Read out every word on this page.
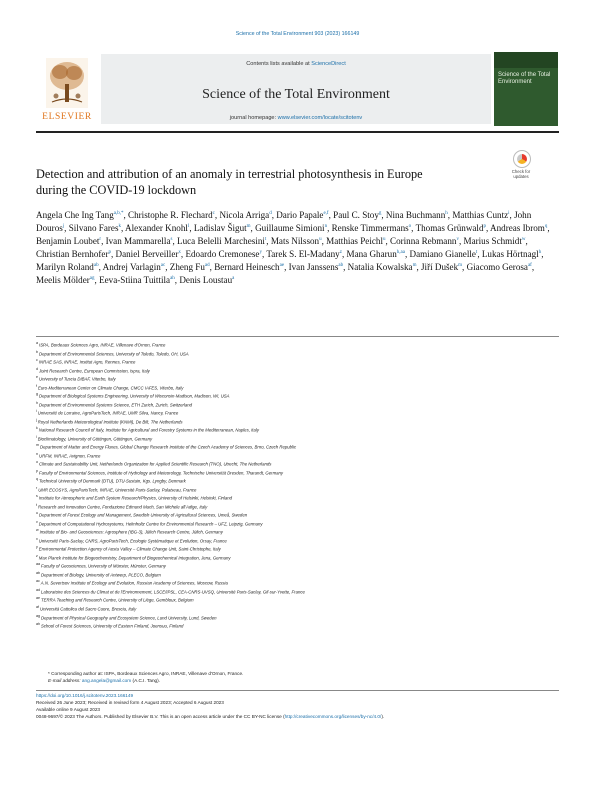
Science of the Total Environment 903 (2023) 166149
ELSEVIER
Contents lists available at ScienceDirect
Science of the Total Environment
journal homepage: www.elsevier.com/locate/scitotenv
Science of the Total Environment
Detection and attribution of an anomaly in terrestrial photosynthesis in Europe during the COVID-19 lockdown
Check for updates
Angela Che Ing Tang$^{a,b,*}$, Christophe R. Flechard$^c$, Nicola Arriga$^d$, Dario Papale$^{e,f}$, Paul C. Stoy$^g$, Nina Buchmann$^h$, Matthias Cuntz$^i$, John Douros$^j$, Silvano Fares$^k$, Alexander Knohl$^l$, Ladislav Šigut$^m$, Guillaume Simioni$^n$, Renske Timmermans$^o$, Thomas Grünwald$^p$, Andreas Ibrom$^q$, Benjamin Loubet$^r$, Ivan Mammarella$^s$, Luca Belelli Marchesini$^t$, Mats Nilsson$^u$, Matthias Peichl$^u$, Corinna Rebmann$^v$, Marius Schmidt$^w$, Christian Bernhofer$^p$, Daniel Berveiller$^x$, Edoardo Cremonese$^y$, Tarek S. El-Madany$^z$, Mana Gharun$^{h,aa}$, Damiano Gianelle$^t$, Lukas Hörtnagl$^h$, Marilyn Roland$^{ab}$, Andrej Varlagin$^{ac}$, Zheng $Fu^{ad}$, Bernard Heinesch$^{ae}$, Ivan Janssens$^{ab}$, Natalia Kowalska$^m$, Jiří Dušek$^m$, Giacomo Gerosa$^{af}$, Meelis Mölder$^{ag}$, Eeva-Stiina Tuittila$^{ah}$, Denis Loustau$^a$
$^a$ ISPA, Bordeaux Sciences Agro, INRAE, Villenave d'Ornon, France
$^b$ Department of Environmental Sciences, University of Toledo, Toledo, OH, USA
$^c$ INRAE SAS, INRAE, Institut Agro, Rennes, France
$^d$ Joint Research Centre, European Commission, Ispra, Italy
$^e$ University of Tuscia DIBAF, Viterbo, Italy
$^f$ Euro-Mediterranean Center on Climate Change, CMCC IAFES, Viterbo, Italy
$^g$ Department of Biological Systems Engineering, University of Wisconsin-Madison, Madison, WI, USA
$^h$ Department of Environmental Systems Science, ETH Zurich, Zurich, Switzerland
$^i$ Université de Lorraine, AgroParisTech, INRAE, UMR Silva, Nancy, France
$^j$ Royal Netherlands Meteorological Institute (KNMI), De Bilt, The Netherlands
$^k$ National Research Council of Italy, Institute for Agricultural and Forestry Systems in the Mediterranean, Naples, Italy
$^l$ Bioclimatology, University of Göttingen, Göttingen, Germany
$^m$ Department of Matter and Energy Fluxes, Global Change Research Institute of the Czech Academy of Sciences, Brno, Czech Republic
$^n$ URFM, INRAE, Avignon, France
$^o$ Climate and Sustainability Unit, Netherlands Organization for Applied Scientific Research (TNO), Utrecht, The Netherlands
$^p$ Faculty of Environmental Sciences, Institute of Hydrology and Meteorology, Technische Universität Dresden, Tharandt, Germany
$^q$ Technical University of Denmark (DTU), DTU-Sustain, Kgs. Lyngby, Denmark
$^r$ UMR ECOSYS, AgroParisTech, INRAE, Université Paris-Saclay, Palaiseau, France
$^s$ Institute for Atmospheric and Earth System Research/Physics, University of Helsinki, Helsinki, Finland
$^t$ Research and Innovation Centre, Fondazione Edmund Mach, San Michele all'Adige, Italy
$^u$ Department of Forest Ecology and Management, Swedish University of Agricultural Sciences, Umeå, Sweden
$^v$ Department of Computational Hydrosystems, Helmholtz Centre for Environmental Research – UFZ, Leipzig, Germany
$^w$ Institute of Bio- and Geosciences: Agrosphere (IBG-3), Jülich Research Centre, Jülich, Germany
$^x$ Université Paris-Saclay, CNRS, AgroParisTech, Ecologie Systématique et Evolution, Orsay, France
$^y$ Environmental Protection Agency of Aosta Valley – Climate Change Unit, Saint-Christophe, Italy
$^z$ Max Planck Institute for Biogeochemistry, Department of Biogeochemical Integration, Jena, Germany
$^{aa}$ Faculty of Geosciences, University of Münster, Münster, Germany
$^{ab}$ Department of Biology, University of Antwerp, PLECO, Belgium
$^{ac}$ A.N. Severtsov Institute of Ecology and Evolution, Russian Academy of Sciences, Moscow, Russia
$^{ad}$ Laboratoire des Sciences du Climat et de l'Environnement, LSCE/IPSL, CEA-CNRS-UVSQ, Université Paris-Saclay, Gif-sur-Yvette, France
$^{ae}$ TERRA Teaching and Research Centre, University of Liège, Gembloux, Belgium
$^{af}$ Università Cattolica del Sacro Cuore, Brescia, Italy
$^{ag}$ Department of Physical Geography and Ecosystem Science, Lund University, Lund, Sweden
$^{ah}$ School of Forest Sciences, University of Eastern Finland, Joensuu, Finland
* Corresponding author at: ISPA, Bordeaux Sciences Agro, INRAE, Villenave d'Ornon, France.
E-mail address: ang.angela@gmail.com (A.C.I. Tang).
https://doi.org/10.1016/j.scitotenv.2023.166149
Received 26 June 2023; Received in revised form 4 August 2023; Accepted 6 August 2023
Available online 9 August 2023
0048-9697/© 2023 The Authors. Published by Elsevier B.V. This is an open access article under the CC BY-NC license (http://creativecommons.org/licenses/by-nc/4.0/).
